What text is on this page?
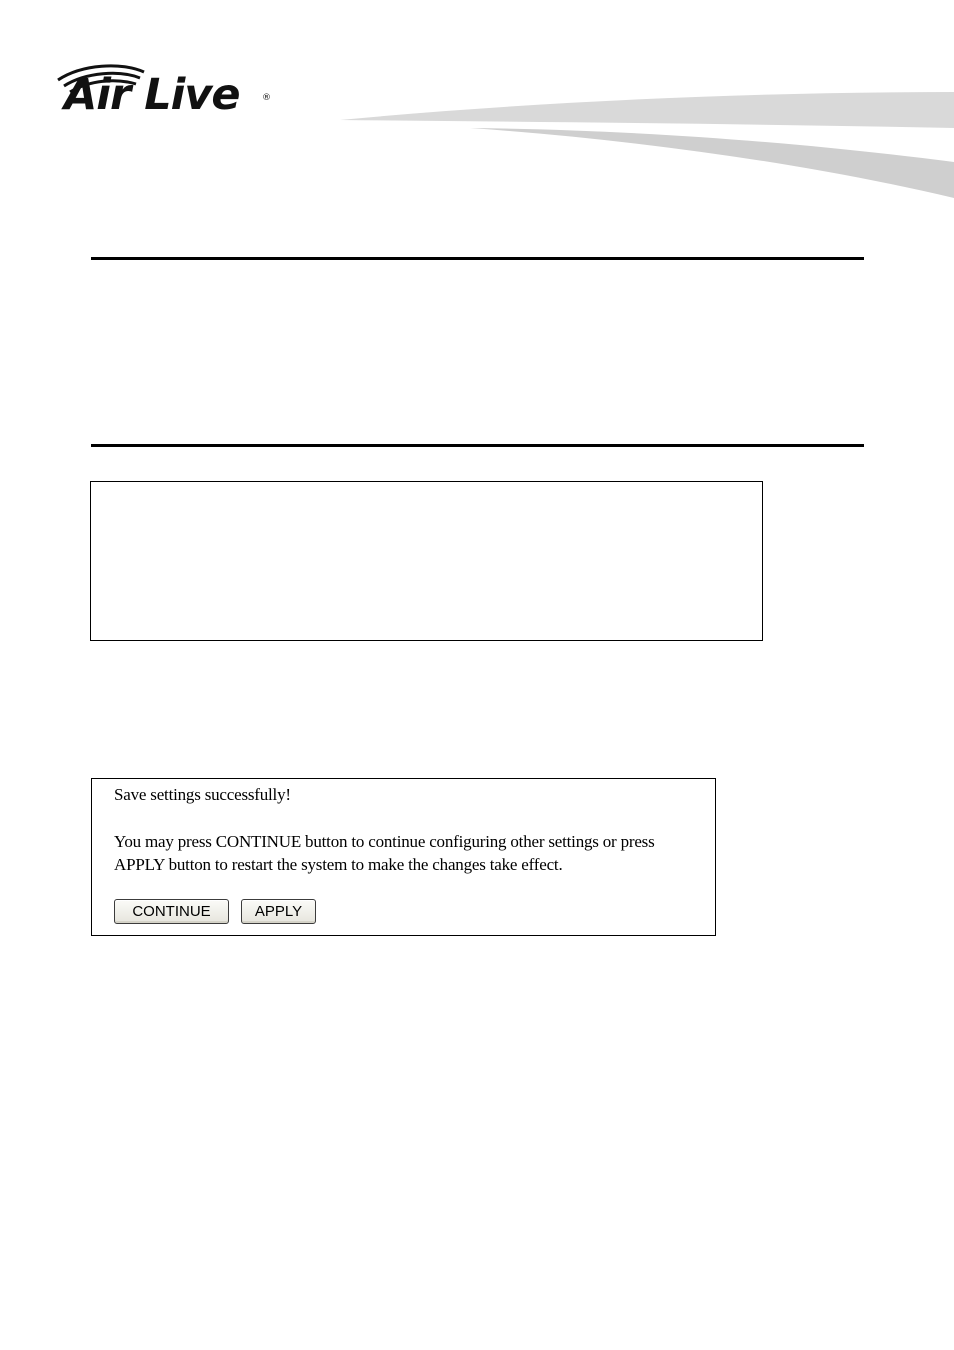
Air Live ®
Save settings successfully!
You may press CONTINUE button to continue configuring other settings or press
APPLY button to restart the system to make the changes take effect.
CONTINUE	APPLY
